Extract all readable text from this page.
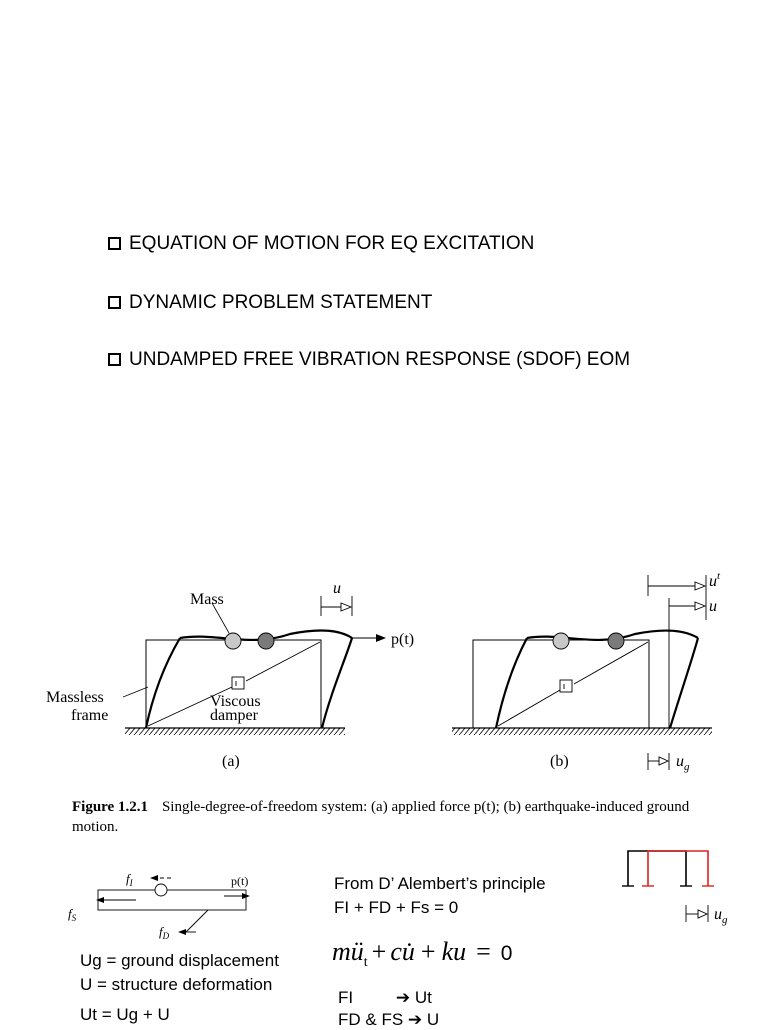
EQUATION OF MOTION FOR EQ EXCITATION
DYNAMIC PROBLEM STATEMENT
UNDAMPED FREE VIBRATION RESPONSE (SDOF) EOM
Mass
Massless
frame
Viscous
damper
u
p(t)
(a)
$u^t$
u
$u_g$
(b)
Figure 1.2.1 Single-degree-of-freedom system: (a) applied force p(t); (b) earthquake-induced ground motion.
$f_I$
$f_S$
$f_D$
p(t)	From D’ Alembert’s principle
FI + FD + Fs = 0
Ug = ground displacement
U = structure deformation
Ut = Ug + U
$mü_t$ + cu̇ + ku = 0
FI	➔ Ut
FD & FS ➔ U
$u_g$
